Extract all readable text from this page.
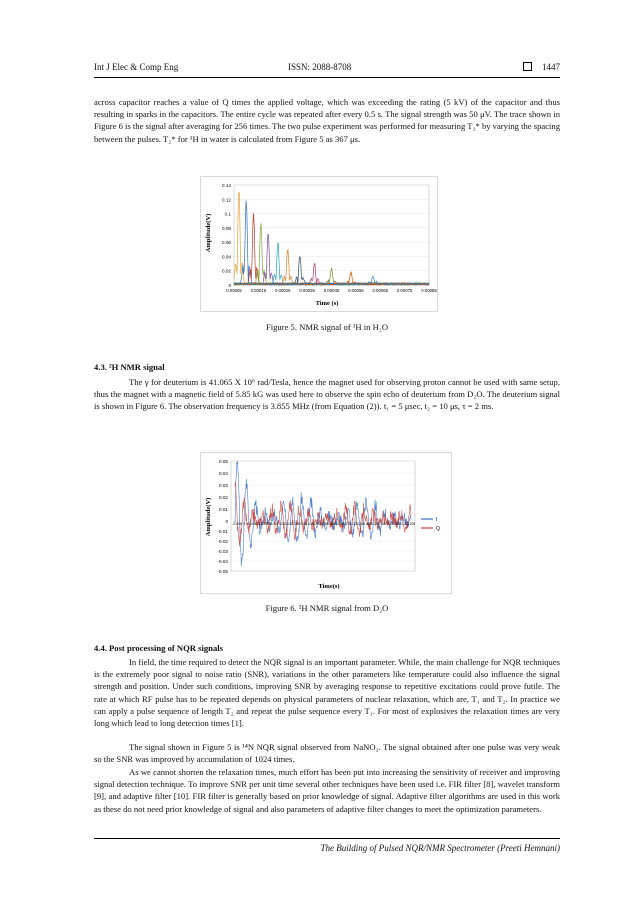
Int J Elec & Comp Eng	ISSN: 2088-8708	1447

across capacitor reaches a value of Q times the applied voltage, which was exceeding the rating (5 kV) of the capacitor and thus resulting in sparks in the capacitors. The entire cycle was repeated after every 0.5 s. The signal strength was 50 μV. The trace shown in Figure 6 is the signal after averaging for 256 times. The two pulse experiment was performed for measuring T₂* by varying the spacing between the pulses. T₂* for ¹H in water is calculated from Figure 5 as 367 μs.

0.00005 0.00015 0.00025 0.00035 0.00045 0.00055 0.00065 0.00075 0.00085
0
0.02
0.04
0.06
0.08
0.1
0.12
0.14
Amplitude(V)
Time (s)
Figure 5. NMR signal of ¹H in H₂O
4.3. ²H NMR signal

The γ for deuterium is 41.065 X 10⁶ rad/Tesla, hence the magnet used for observing proton cannot be used with same setup, thus the magnet with a magnetic field of 5.85 kG was used here to observe the spin echo of deuterium from D₂O. The deuterium signal is shown in Figure 6. The observation frequency is 3.855 MHz (from Equation (2)). t₁ = 5 μsec, t₂ = 10 μs, τ = 2 ms.

0.05
0.04
0.03
0.02
0.01
0
-0.01
-0.02
-0.03
-0.04
-0.05
-0.005 0 0.005 0.01 0.015 0.02 0.025 0.03 0.035 0.04 0.045 0.05 0.055 0.06 0.065 0.07 0.075 0.08 0.085 0.09 0.095 0.1 0.105 0.2 0.205
I
Q
Amplitude(V)
Time(s)
Figure 6. ²H NMR signal from D₂O
4.4. Post processing of NQR signals

In field, the time required to detect the NQR signal is an important parameter. While, the main challenge for NQR techniques is the extremely poor signal to noise ratio (SNR), variations in the other parameters like temperature could also influence the signal strength and position. Under such conditions, improving SNR by averaging response to repetitive excitations could prove futile. The rate at which RF pulse has to be repeated depends on physical parameters of nuclear relaxation, which are, T₁ and T₂. In practice we can apply a pulse sequence of length T₂ and repeat the pulse sequence every T₁. For most of explosives the relaxation times are very long which lead to long detection times [1].

The signal shown in Figure 5 is ¹⁴N NQR signal observed from NaNO₂. The signal obtained after one pulse was very weak so the SNR was improved by accumulation of 1024 times.

As we cannot shorten the relaxation times, much effort has been put into increasing the sensitivity of receiver and improving signal detection technique. To improve SNR per unit time several other techniques have been used i.e. FIR filter [8], wavelet transform [9], and adaptive filter [10]. FIR filter is generally based on prior knowledge of signal. Adaptive filter algorithms are used in this work as these do not need prior knowledge of signal and also parameters of adaptive filter changes to meet the optimization parameters.

The Building of Pulsed NQR/NMR Spectrometer (Preeti Hemnani)
